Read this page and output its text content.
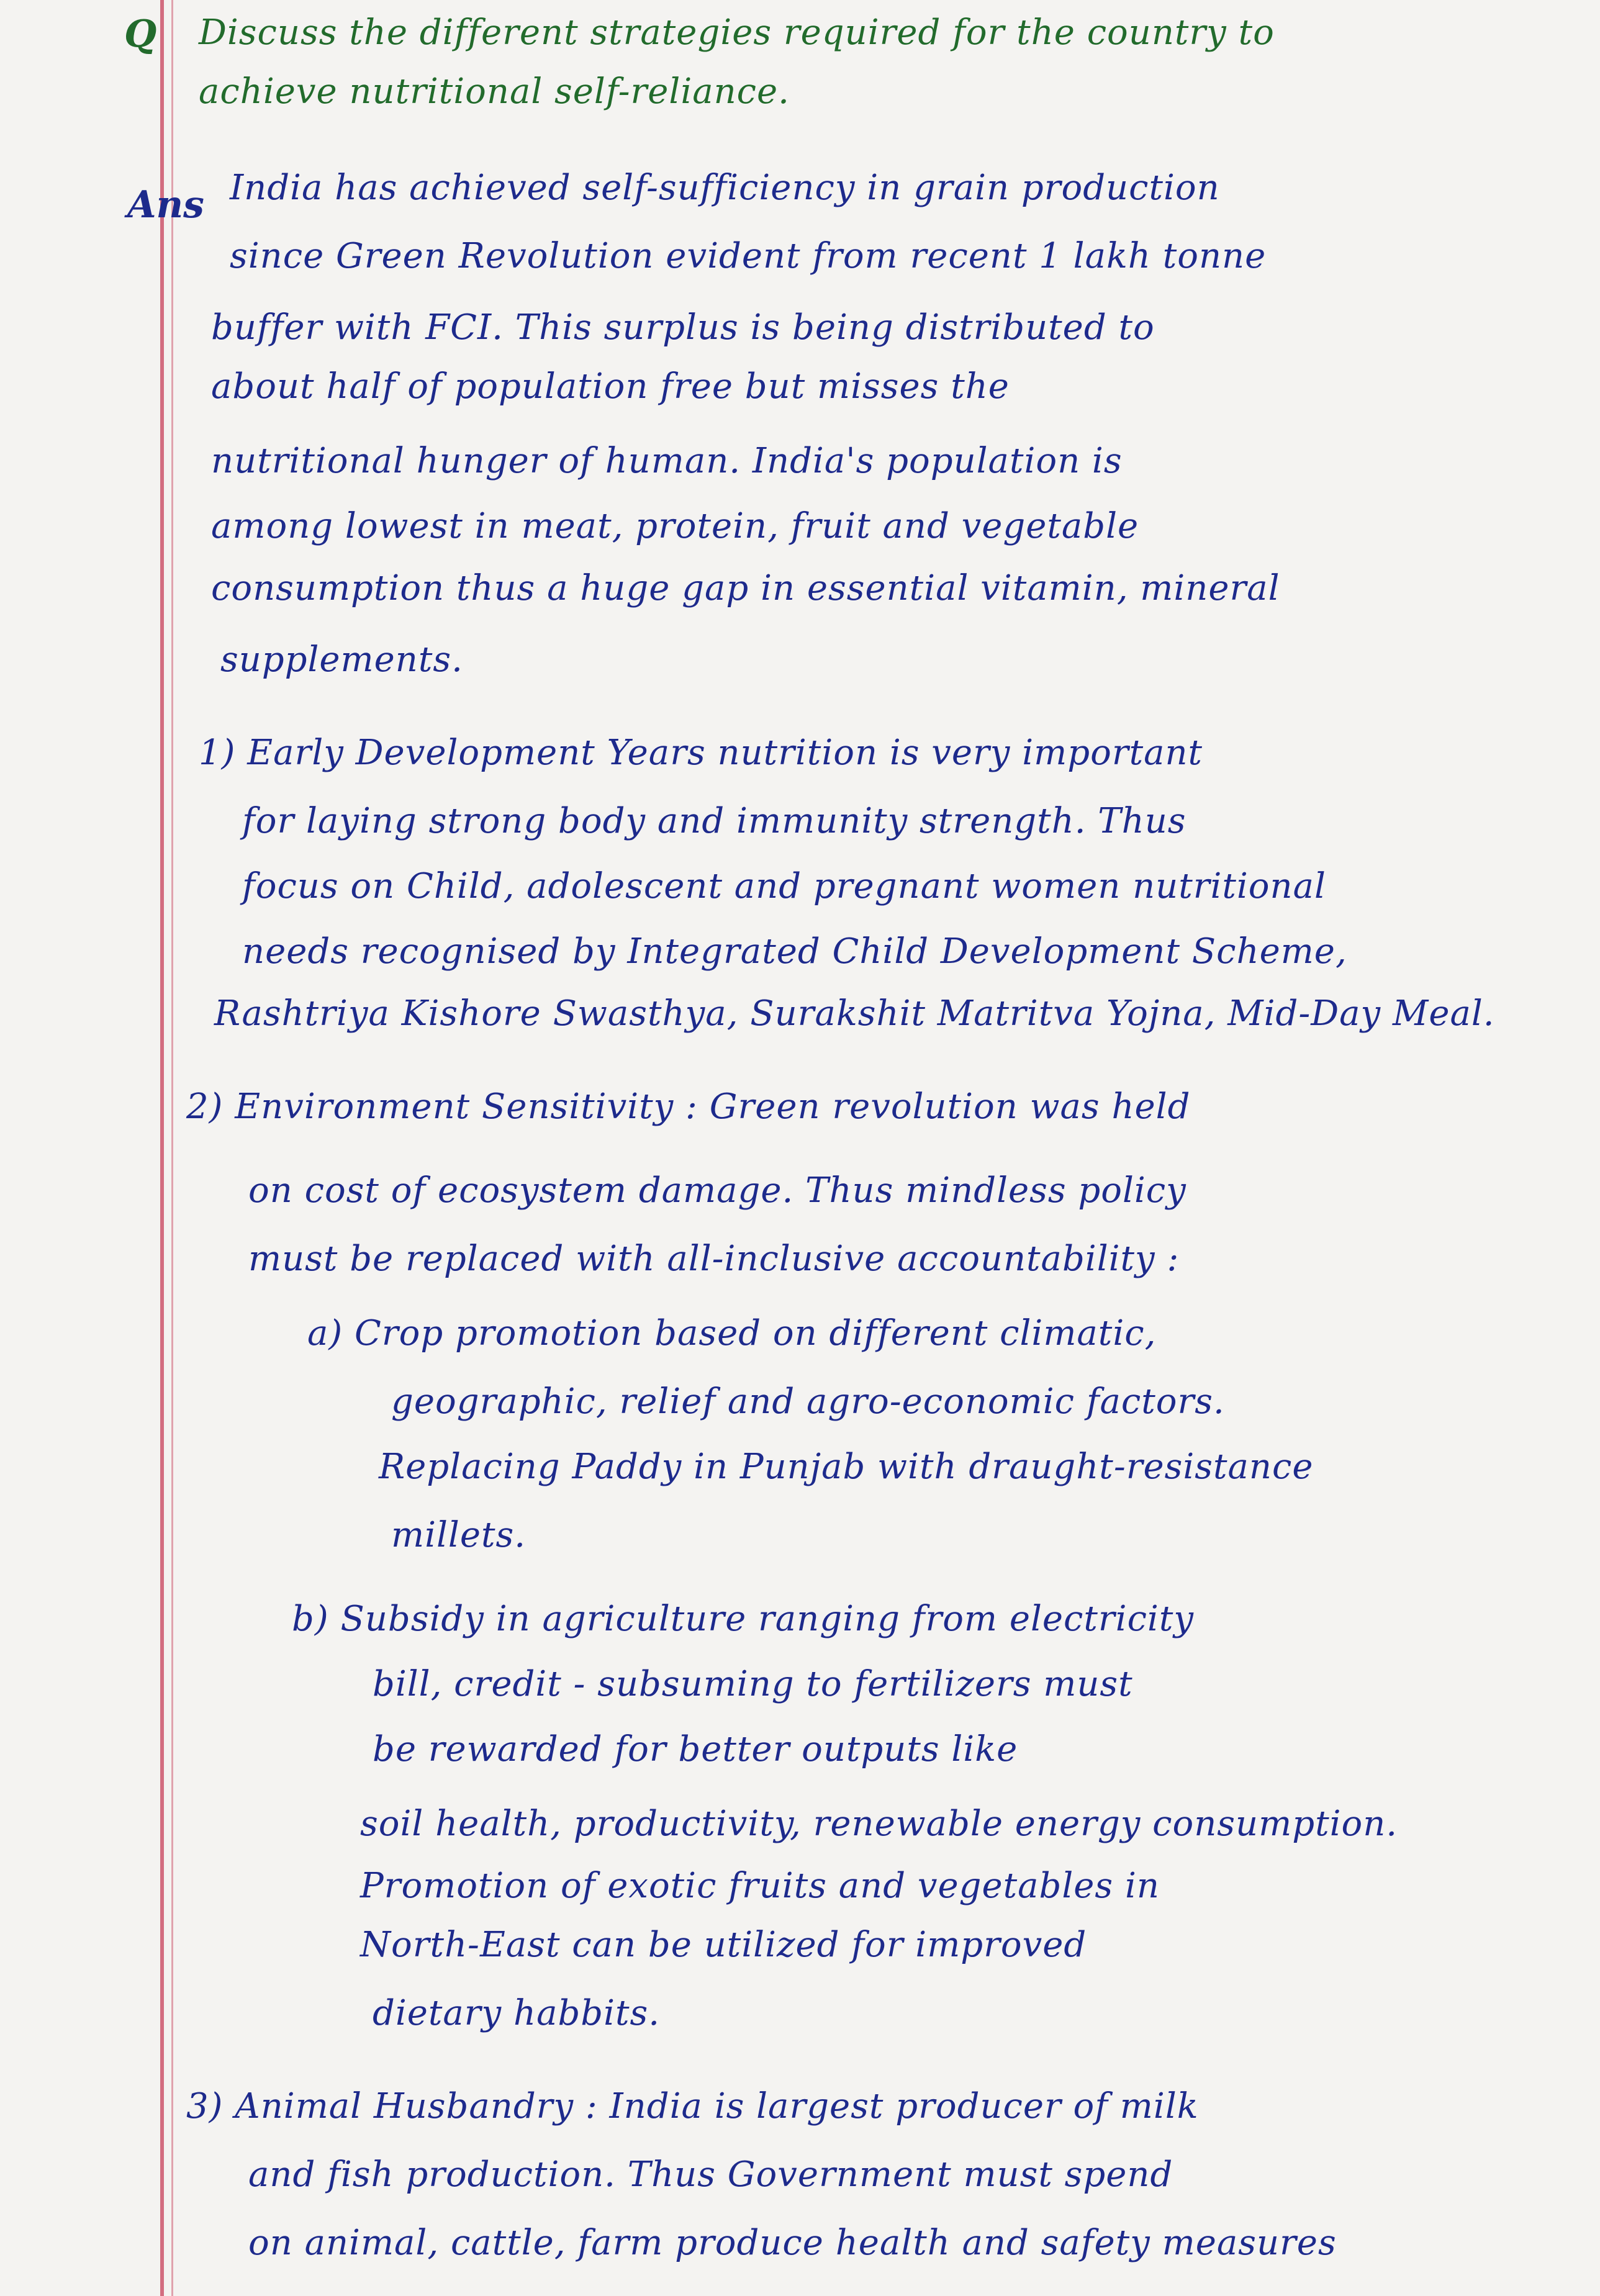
Q Discuss the different strategies required for the country to
achieve nutritional self-reliance.
Ans India has achieved self-sufficiency in grain production
since Green Revolution evident from recent 1 lakh tonne
buffer with FCI. This surplus is being distributed to
about half of population free but misses the
nutritional hunger of human. India's population is
among lowest in meat, protein, fruit and vegetable
consumption thus a huge gap in essential vitamin, mineral
supplements.
1) Early Development Years nutrition is very important
for laying strong body and immunity strength. Thus
focus on Child, adolescent and pregnant women nutritional
needs recognised by Integrated Child Development Scheme,
Rashtriya Kishore Swasthya, Surakshit Matritva Yojna, Mid-Day Meal.
2) Environment Sensitivity : Green revolution was held
on cost of ecosystem damage. Thus mindless policy
must be replaced with all-inclusive accountability :
a) Crop promotion based on different climatic,
geographic, relief and agro-economic factors.
Replacing Paddy in Punjab with draught-resistance
millets.
b) Subsidy in agriculture ranging from electricity
bill, credit - subsuming to fertilizers must
be rewarded for better outputs like
soil health, productivity, renewable energy consumption.
Promotion of exotic fruits and vegetables in
North-East can be utilized for improved
dietary habbits.
3) Animal Husbandry : India is largest producer of milk
and fish production. Thus Government must spend
on animal, cattle, farm produce health and safety measures
